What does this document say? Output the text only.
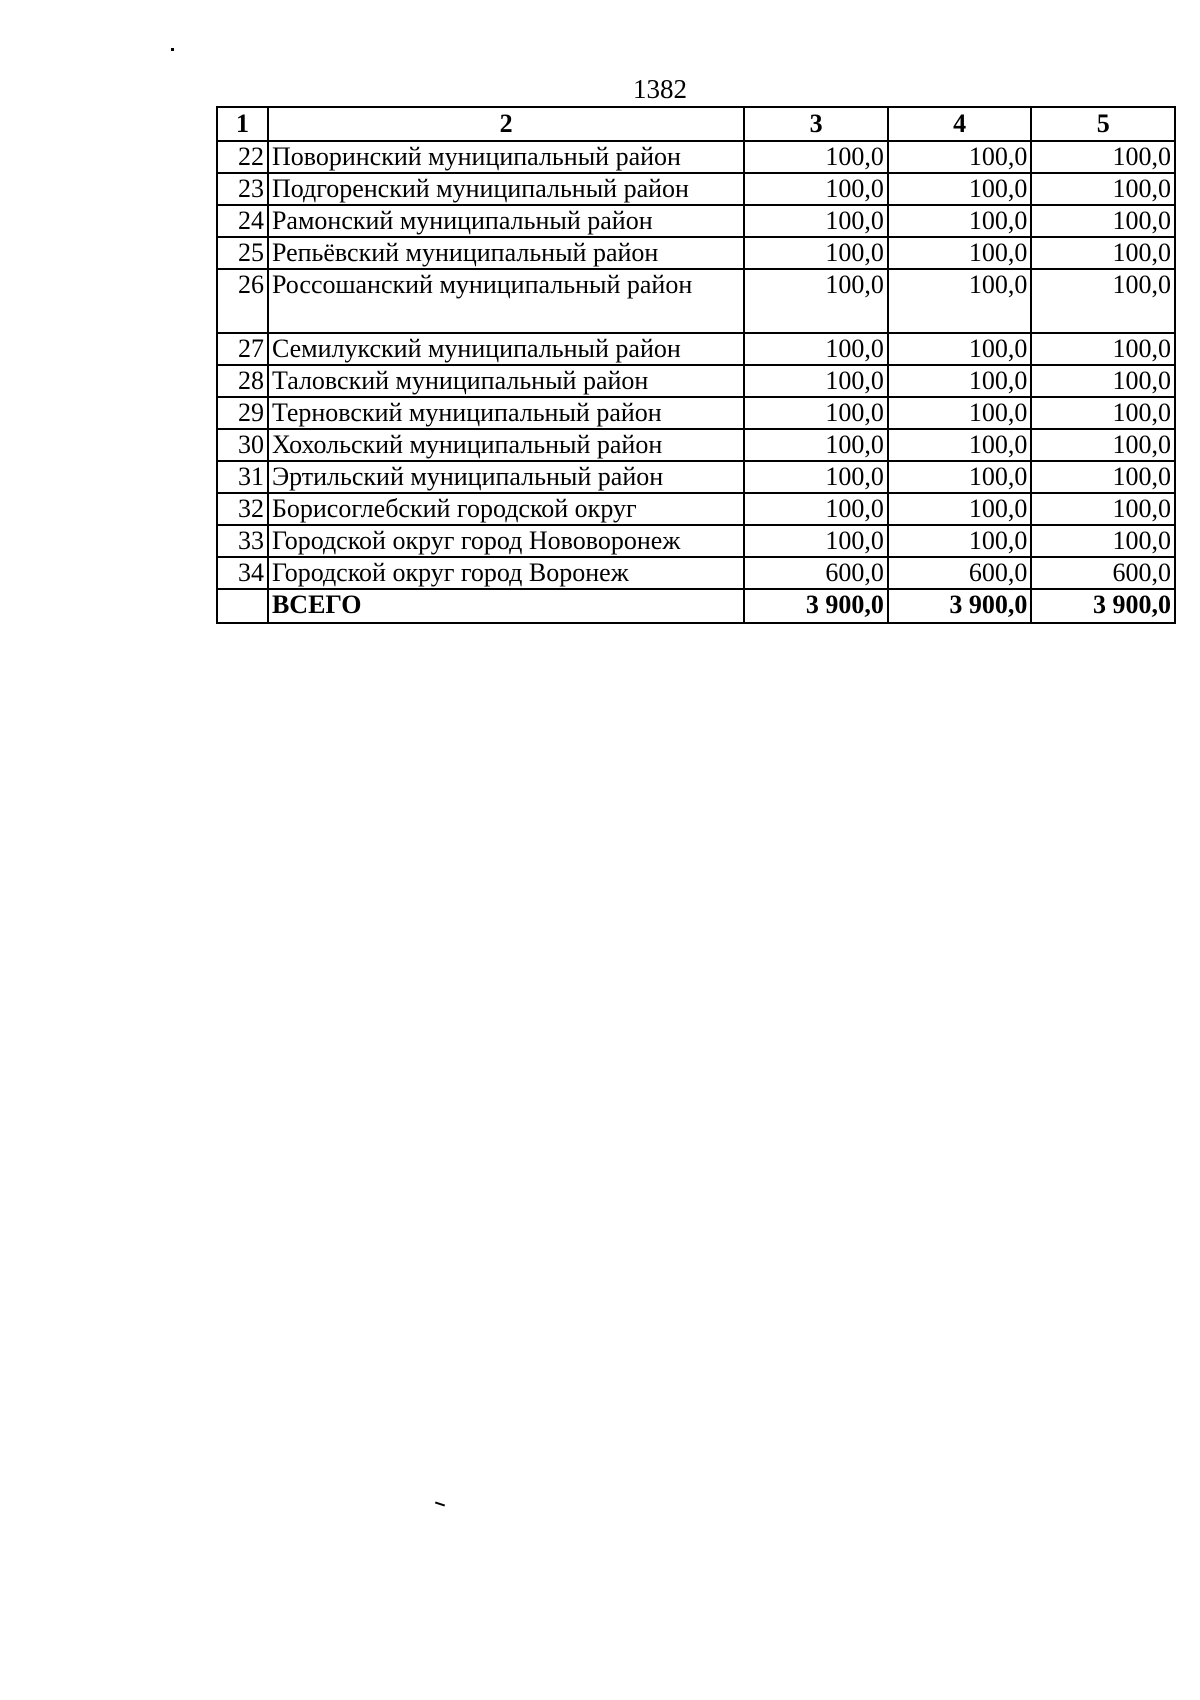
1382
1	2	3	4	5
22	Поворинский муниципальный район	100,0	100,0	100,0
23	Подгоренский муниципальный район	100,0	100,0	100,0
24	Рамонский муниципальный район	100,0	100,0	100,0
25	Репьёвский муниципальный район	100,0	100,0	100,0
26	Россошанский муниципальный район	100,0	100,0	100,0
27	Семилукский муниципальный район	100,0	100,0	100,0
28	Таловский муниципальный район	100,0	100,0	100,0
29	Терновский муниципальный район	100,0	100,0	100,0
30	Хохольский муниципальный район	100,0	100,0	100,0
31	Эртильский муниципальный район	100,0	100,0	100,0
32	Борисоглебский городской округ	100,0	100,0	100,0
33	Городской округ город Нововоронеж	100,0	100,0	100,0
34	Городской округ город Воронеж	600,0	600,0	600,0
	ВСЕГО	3 900,0	3 900,0	3 900,0
